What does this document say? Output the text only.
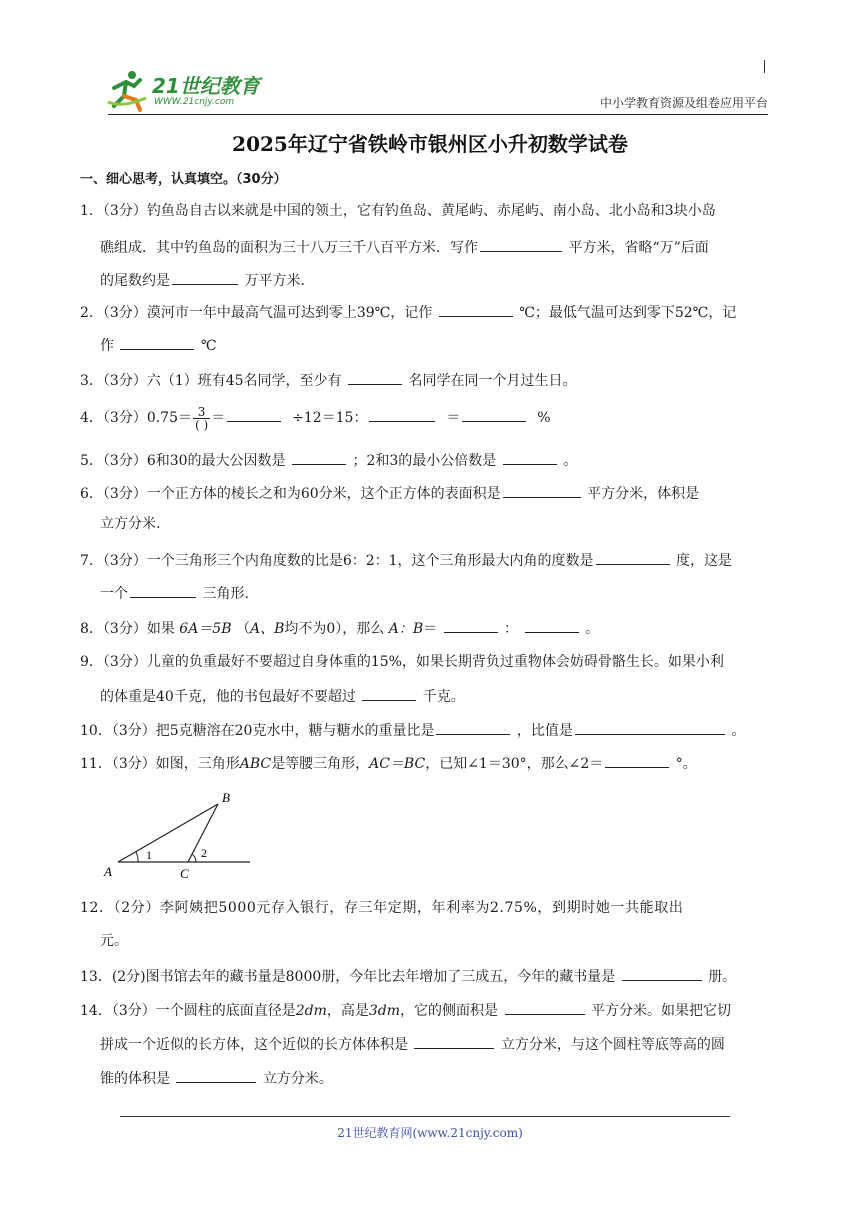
21世纪教育
WWW.21cnjy.com	中小学教育资源及组卷应用平台
2025年辽宁省铁岭市银州区小升初数学试卷
一、细心思考，认真填空。（30分）
1．（3分）钓鱼岛自古以来就是中国的领土，它有钓鱼岛、黄尾屿、赤尾屿、南小岛、北小岛和3块小岛
礁组成．其中钓鱼岛的面积为三十八万三千八百平方米．写作	平方米，省略“万”后面
的尾数约是	万平方米．
2．（3分）漠河市一年中最高气温可达到零上39℃，记作	℃；最低气温可达到零下52℃，记
作	℃
3．（3分）六（1）班有45名同学，至少有	名同学在同一个月过生日。
4．（3分）$0.75= \frac{3}{( )}$ ＝	÷12＝15：	＝	%
5．（3分）6和30的最大公因数是	；2和3的最小公倍数是	。
6．（3分）一个正方体的棱长之和为60分米，这个正方体的表面积是	平方分米，体积是
立方分米.
7．（3分）一个三角形三个内角度数的比是6：2：1，这个三角形最大内角的度数是	度，这是
一个	三角形.
8．（3分）如果 6A＝5B （A、B均不为0），那么 A：B＝	：	。
9．（3分）儿童的负重最好不要超过自身体重的15%，如果长期背负过重物体会妨碍骨骼生长。如果小利
的体重是40千克，他的书包最好不要超过	千克。
10．（3分）把5克糖溶在20克水中，糖与糖水的重量比是	，比值是	。
11．（3分）如图，三角形ABC是等腰三角形，AC＝BC，已知∠1＝30°，那么∠2＝	°。
A
B
C
1	2
12．（2分）李阿姨把5000元存入银行，存三年定期，年利率为2.75%，到期时她一共能取出
元。
13．(2分)图书馆去年的藏书量是8000册，今年比去年增加了三成五，今年的藏书量是	册。
14．（3分）一个圆柱的底面直径是2dm，高是3dm，它的侧面积是	平方分米。如果把它切
拼成一个近似的长方体，这个近似的长方体体积是	立方分米，与这个圆柱等底等高的圆
锥的体积是	立方分米。
21世纪教育网(www.21cnjy.com)
